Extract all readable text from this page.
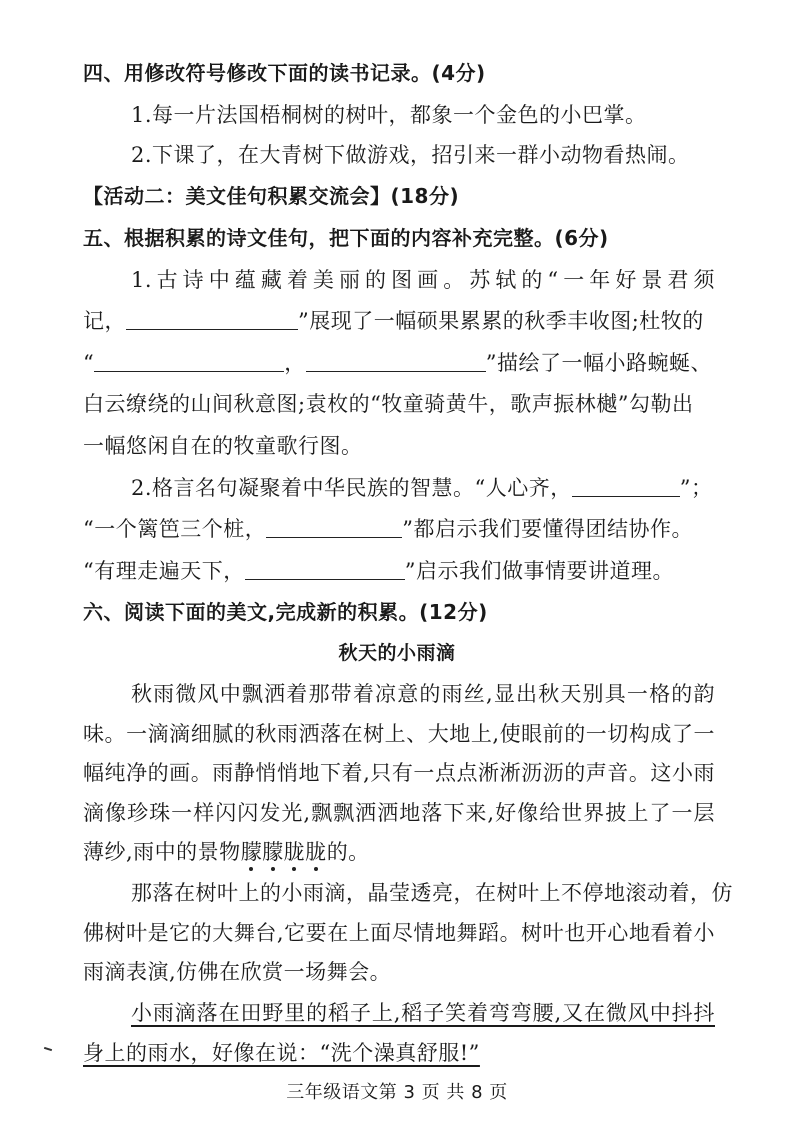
四、用修改符号修改下面的读书记录。(4分)
1.每一片法国梧桐树的树叶，都象一个金色的小巴掌。
2.下课了，在大青树下做游戏，招引来一群小动物看热闹。
【活动二：美文佳句积累交流会】(18分)
五、根据积累的诗文佳句，把下面的内容补充完整。(6分)
1.古诗中蕴藏着美丽的图画。苏轼的“一年好景君须
记，	”展现了一幅硕果累累的秋季丰收图;杜牧的
“	，	”描绘了一幅小路蜿蜒、
白云缭绕的山间秋意图;袁枚的“牧童骑黄牛，歌声振林樾”勾勒出
一幅悠闲自在的牧童歌行图。
2.格言名句凝聚着中华民族的智慧。“人心齐，	”；
“一个篱笆三个桩，	”都启示我们要懂得团结协作。
“有理走遍天下，	”启示我们做事情要讲道理。
六、阅读下面的美文,完成新的积累。(12分)
秋天的小雨滴
秋雨微风中飘洒着那带着凉意的雨丝,显出秋天别具一格的韵
味。一滴滴细腻的秋雨洒落在树上、大地上,使眼前的一切构成了一
幅纯净的画。雨静悄悄地下着,只有一点点淅淅沥沥的声音。这小雨
滴像珍珠一样闪闪发光,飘飘洒洒地落下来,好像给世界披上了一层
薄纱,雨中的景物朦朦胧胧
的。
那落在树叶上的小雨滴，晶莹透亮，在树叶上不停地滚动着，仿
佛树叶是它的大舞台,它要在上面尽情地舞蹈。树叶也开心地看着小
雨滴表演,仿佛在欣赏一场舞会。
小雨滴落在田野里的稻子上,稻子笑着弯弯腰,又在微风中抖抖
身上的雨水，好像在说：“洗个澡真舒服!”
三年级语文第 3 页 共 8 页
